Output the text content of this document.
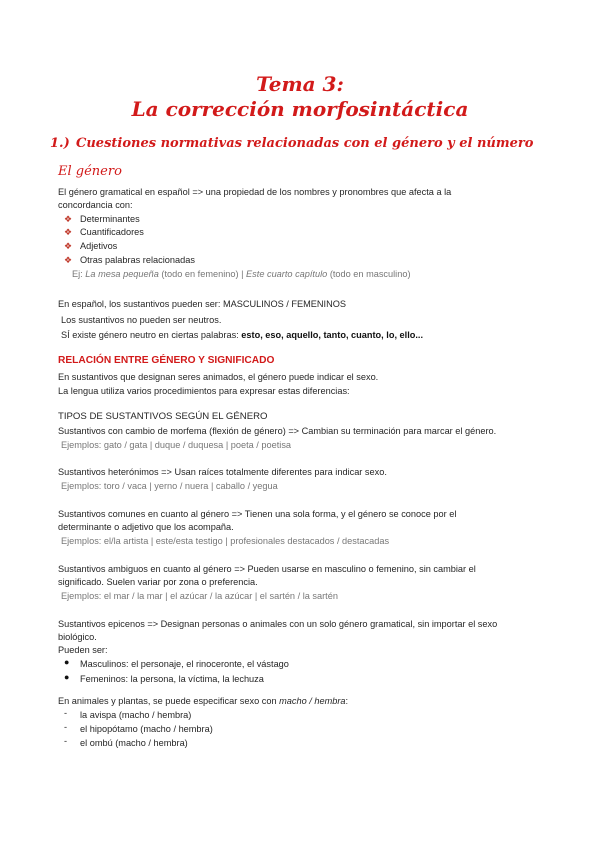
Tema 3:
La corrección morfosintáctica
1.) Cuestiones normativas relacionadas con el género y el número
El género
El género gramatical en español => una propiedad de los nombres y pronombres que afecta a la
concordancia con:
❖ Determinantes
❖ Cuantificadores
❖ Adjetivos
❖ Otras palabras relacionadas
Ej: La mesa pequeña (todo en femenino) | Este cuarto capítulo (todo en masculino)
En español, los sustantivos pueden ser: MASCULINOS / FEMENINOS
Los sustantivos no pueden ser neutros.
SÍ existe género neutro en ciertas palabras: esto, eso, aquello, tanto, cuanto, lo, ello...
RELACIÓN ENTRE GÉNERO Y SIGNIFICADO
En sustantivos que designan seres animados, el género puede indicar el sexo.
La lengua utiliza varios procedimientos para expresar estas diferencias:
TIPOS DE SUSTANTIVOS SEGÚN EL GÉNERO
Sustantivos con cambio de morfema (flexión de género) => Cambian su terminación para marcar el género.
Ejemplos: gato / gata | duque / duquesa | poeta / poetisa
Sustantivos heterónimos => Usan raíces totalmente diferentes para indicar sexo.
Ejemplos: toro / vaca | yerno / nuera | caballo / yegua
Sustantivos comunes en cuanto al género => Tienen una sola forma, y el género se conoce por el
determinante o adjetivo que los acompaña.
Ejemplos: el/la artista | este/esta testigo | profesionales destacados / destacadas
Sustantivos ambiguos en cuanto al género => Pueden usarse en masculino o femenino, sin cambiar el
significado. Suelen variar por zona o preferencia.
Ejemplos: el mar / la mar | el azúcar / la azúcar | el sartén / la sartén
Sustantivos epicenos => Designan personas o animales con un solo género gramatical, sin importar el sexo
biológico.
Pueden ser:
● Masculinos: el personaje, el rinoceronte, el vástago
● Femeninos: la persona, la víctima, la lechuza
En animales y plantas, se puede especificar sexo con macho / hembra:
- la avispa (macho / hembra)
- el hipopótamo (macho / hembra)
- el ombú (macho / hembra)
